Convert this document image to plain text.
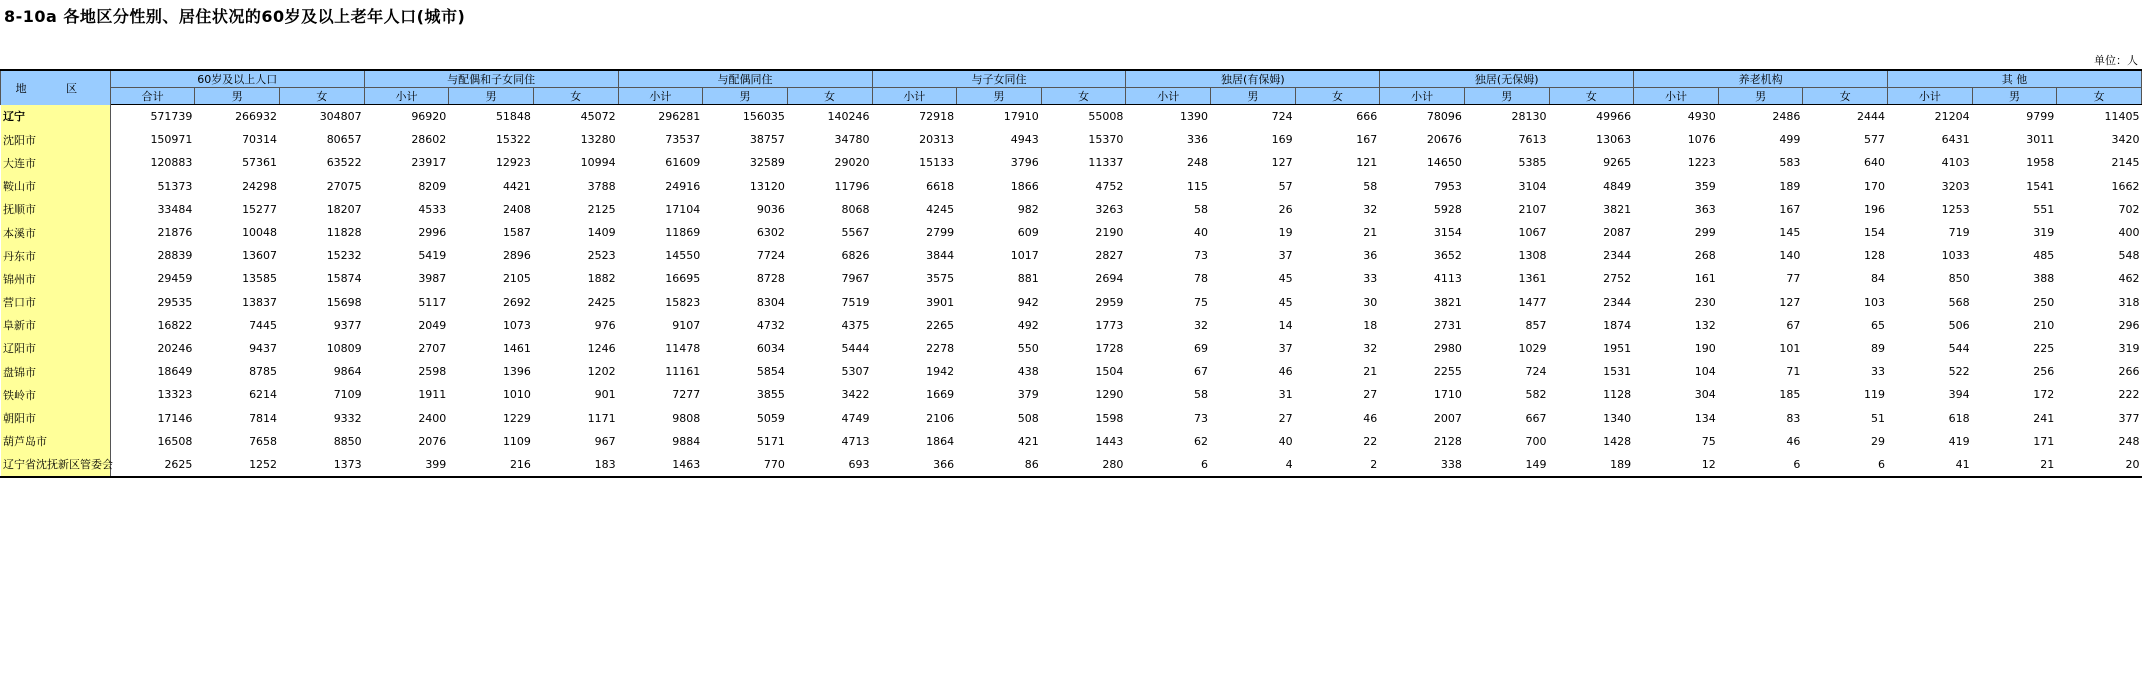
8-10a 各地区分性别、居住状况的60岁及以上老年人口(城市)
单位：人
地 区	60岁及以上人口			与配偶和子女同住			与配偶同住			与子女同住			独居(有保姆)			独居(无保姆)			养老机构			其 他		
	合计	男	女	小计	男	女	小计	男	女	小计	男	女	小计	男	女	小计	男	女	小计	男	女	小计	男	女
辽宁	571739	266932	304807	96920	51848	45072	296281	156035	140246	72918	17910	55008	1390	724	666	78096	28130	49966	4930	2486	2444	21204	9799	11405
沈阳市	150971	70314	80657	28602	15322	13280	73537	38757	34780	20313	4943	15370	336	169	167	20676	7613	13063	1076	499	577	6431	3011	3420
大连市	120883	57361	63522	23917	12923	10994	61609	32589	29020	15133	3796	11337	248	127	121	14650	5385	9265	1223	583	640	4103	1958	2145
鞍山市	51373	24298	27075	8209	4421	3788	24916	13120	11796	6618	1866	4752	115	57	58	7953	3104	4849	359	189	170	3203	1541	1662
抚顺市	33484	15277	18207	4533	2408	2125	17104	9036	8068	4245	982	3263	58	26	32	5928	2107	3821	363	167	196	1253	551	702
本溪市	21876	10048	11828	2996	1587	1409	11869	6302	5567	2799	609	2190	40	19	21	3154	1067	2087	299	145	154	719	319	400
丹东市	28839	13607	15232	5419	2896	2523	14550	7724	6826	3844	1017	2827	73	37	36	3652	1308	2344	268	140	128	1033	485	548
锦州市	29459	13585	15874	3987	2105	1882	16695	8728	7967	3575	881	2694	78	45	33	4113	1361	2752	161	77	84	850	388	462
营口市	29535	13837	15698	5117	2692	2425	15823	8304	7519	3901	942	2959	75	45	30	3821	1477	2344	230	127	103	568	250	318
阜新市	16822	7445	9377	2049	1073	976	9107	4732	4375	2265	492	1773	32	14	18	2731	857	1874	132	67	65	506	210	296
辽阳市	20246	9437	10809	2707	1461	1246	11478	6034	5444	2278	550	1728	69	37	32	2980	1029	1951	190	101	89	544	225	319
盘锦市	18649	8785	9864	2598	1396	1202	11161	5854	5307	1942	438	1504	67	46	21	2255	724	1531	104	71	33	522	256	266
铁岭市	13323	6214	7109	1911	1010	901	7277	3855	3422	1669	379	1290	58	31	27	1710	582	1128	304	185	119	394	172	222
朝阳市	17146	7814	9332	2400	1229	1171	9808	5059	4749	2106	508	1598	73	27	46	2007	667	1340	134	83	51	618	241	377
葫芦岛市	16508	7658	8850	2076	1109	967	9884	5171	4713	1864	421	1443	62	40	22	2128	700	1428	75	46	29	419	171	248
辽宁省沈抚新区管委会	2625	1252	1373	399	216	183	1463	770	693	366	86	280	6	4	2	338	149	189	12	6	6	41	21	20
